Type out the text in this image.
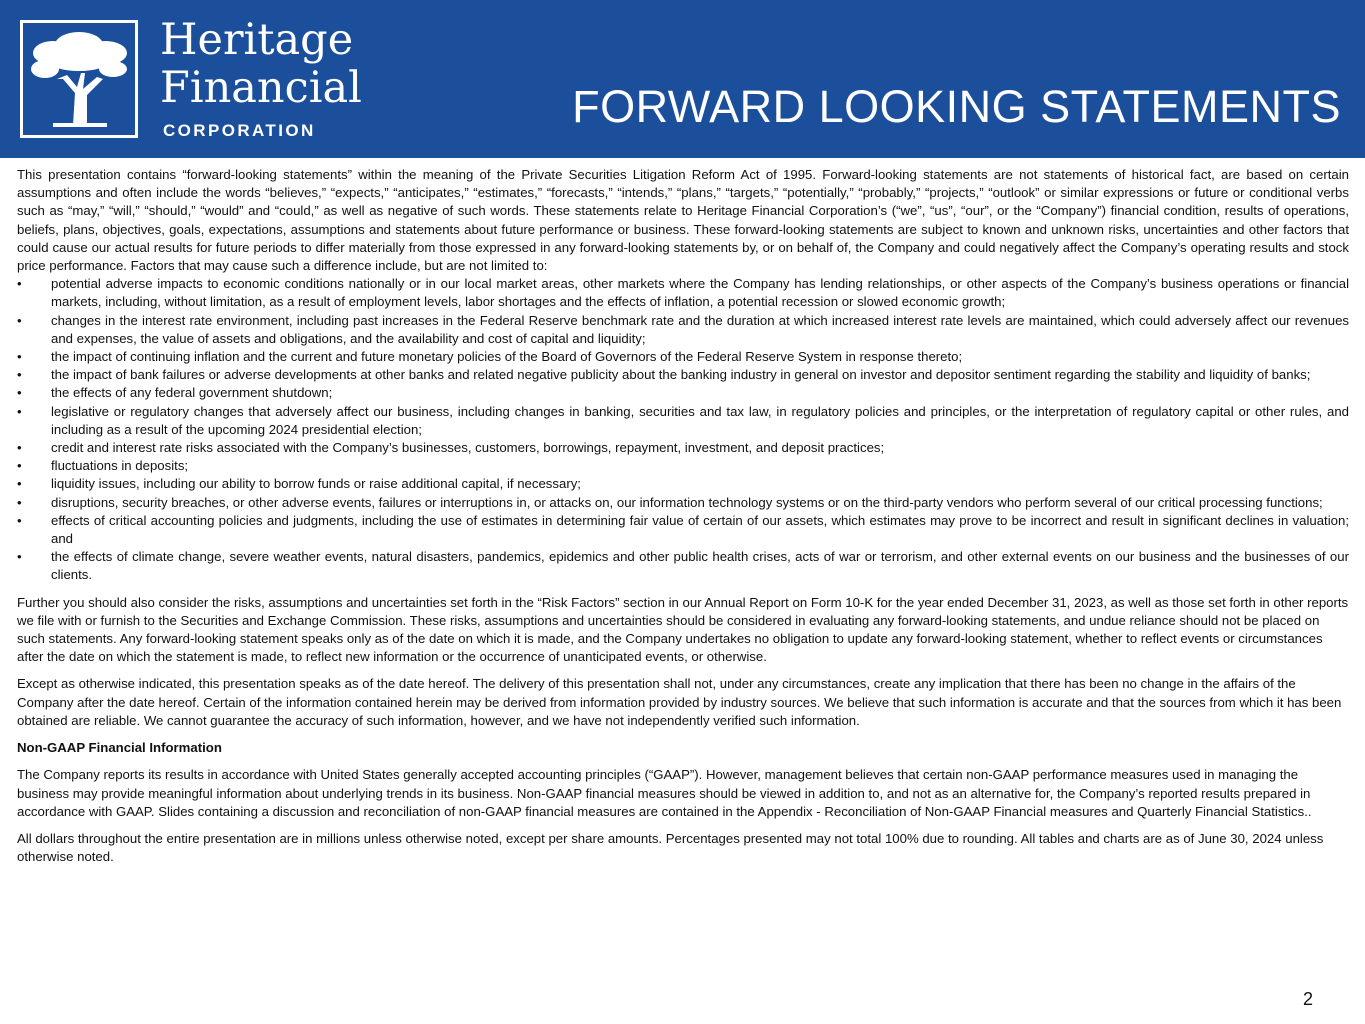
Heritage
Financial
CORPORATION	FORWARD LOOKING STATEMENTS

This presentation contains “forward-looking statements” within the meaning of the Private Securities Litigation Reform Act of 1995. Forward-looking statements are not statements of historical fact, are based on certain assumptions and often include the words “believes,” “expects,” “anticipates,” “estimates,” “forecasts,” “intends,” “plans,” “targets,” “potentially,” “probably,” “projects,” “outlook” or similar expressions or future or conditional verbs such as “may,” “will,” “should,” “would” and “could,” as well as negative of such words. These statements relate to Heritage Financial Corporation’s (“we”, “us”, “our”, or the “Company”) financial condition, results of operations, beliefs, plans, objectives, goals, expectations, assumptions and statements about future performance or business. These forward-looking statements are subject to known and unknown risks, uncertainties and other factors that could cause our actual results for future periods to differ materially from those expressed in any forward-looking statements by, or on behalf of, the Company and could negatively affect the Company’s operating results and stock price performance. Factors that may cause such a difference include, but are not limited to:

• potential adverse impacts to economic conditions nationally or in our local market areas, other markets where the Company has lending relationships, or other aspects of the Company’s business operations or financial markets, including, without limitation, as a result of employment levels, labor shortages and the effects of inflation, a potential recession or slowed economic growth;
• changes in the interest rate environment, including past increases in the Federal Reserve benchmark rate and the duration at which increased interest rate levels are maintained, which could adversely affect our revenues and expenses, the value of assets and obligations, and the availability and cost of capital and liquidity;
• the impact of continuing inflation and the current and future monetary policies of the Board of Governors of the Federal Reserve System in response thereto;
• the impact of bank failures or adverse developments at other banks and related negative publicity about the banking industry in general on investor and depositor sentiment regarding the stability and liquidity of banks;
• the effects of any federal government shutdown;
• legislative or regulatory changes that adversely affect our business, including changes in banking, securities and tax law, in regulatory policies and principles, or the interpretation of regulatory capital or other rules, and including as a result of the upcoming 2024 presidential election;
• credit and interest rate risks associated with the Company’s businesses, customers, borrowings, repayment, investment, and deposit practices;
• fluctuations in deposits;
• liquidity issues, including our ability to borrow funds or raise additional capital, if necessary;
• disruptions, security breaches, or other adverse events, failures or interruptions in, or attacks on, our information technology systems or on the third-party vendors who perform several of our critical processing functions;
• effects of critical accounting policies and judgments, including the use of estimates in determining fair value of certain of our assets, which estimates may prove to be incorrect and result in significant declines in valuation; and
• the effects of climate change, severe weather events, natural disasters, pandemics, epidemics and other public health crises, acts of war or terrorism, and other external events on our business and the businesses of our clients.

Further you should also consider the risks, assumptions and uncertainties set forth in the “Risk Factors” section in our Annual Report on Form 10-K for the year ended December 31, 2023, as well as those set forth in other reports we file with or furnish to the Securities and Exchange Commission. These risks, assumptions and uncertainties should be considered in evaluating any forward-looking statements, and undue reliance should not be placed on such statements. Any forward-looking statement speaks only as of the date on which it is made, and the Company undertakes no obligation to update any forward-looking statement, whether to reflect events or circumstances after the date on which the statement is made, to reflect new information or the occurrence of unanticipated events, or otherwise.

Except as otherwise indicated, this presentation speaks as of the date hereof. The delivery of this presentation shall not, under any circumstances, create any implication that there has been no change in the affairs of the Company after the date hereof. Certain of the information contained herein may be derived from information provided by industry sources. We believe that such information is accurate and that the sources from which it has been obtained are reliable. We cannot guarantee the accuracy of such information, however, and we have not independently verified such information.

Non-GAAP Financial Information

The Company reports its results in accordance with United States generally accepted accounting principles (“GAAP”). However, management believes that certain non-GAAP performance measures used in managing the business may provide meaningful information about underlying trends in its business. Non-GAAP financial measures should be viewed in addition to, and not as an alternative for, the Company’s reported results prepared in accordance with GAAP. Slides containing a discussion and reconciliation of non-GAAP financial measures are contained in the Appendix - Reconciliation of Non-GAAP Financial measures and Quarterly Financial Statistics..

All dollars throughout the entire presentation are in millions unless otherwise noted, except per share amounts. Percentages presented may not total 100% due to rounding. All tables and charts are as of June 30, 2024 unless otherwise noted.

2
